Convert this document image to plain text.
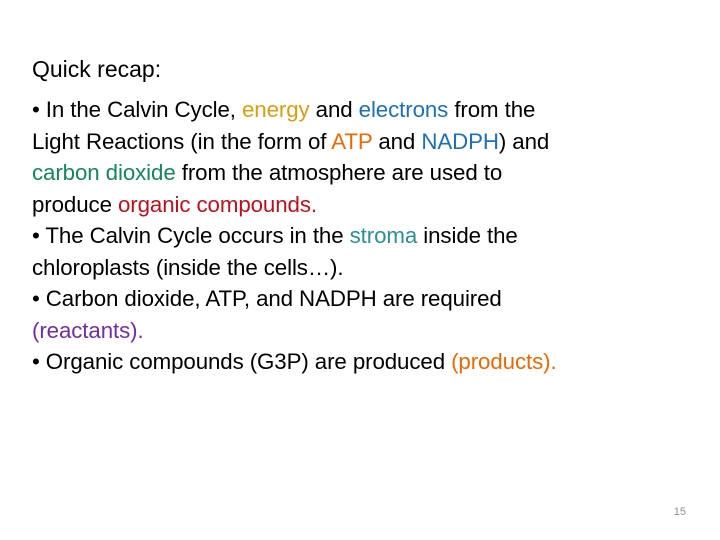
Quick recap:
• In the Calvin Cycle, energy and electrons from the
Light Reactions (in the form of ATP and NADPH) and
carbon dioxide from the atmosphere are used to
produce organic compounds.
• The Calvin Cycle occurs in the stroma inside the
chloroplasts (inside the cells…).
• Carbon dioxide, ATP, and NADPH are required
(reactants).
• Organic compounds (G3P) are produced (products).
15
